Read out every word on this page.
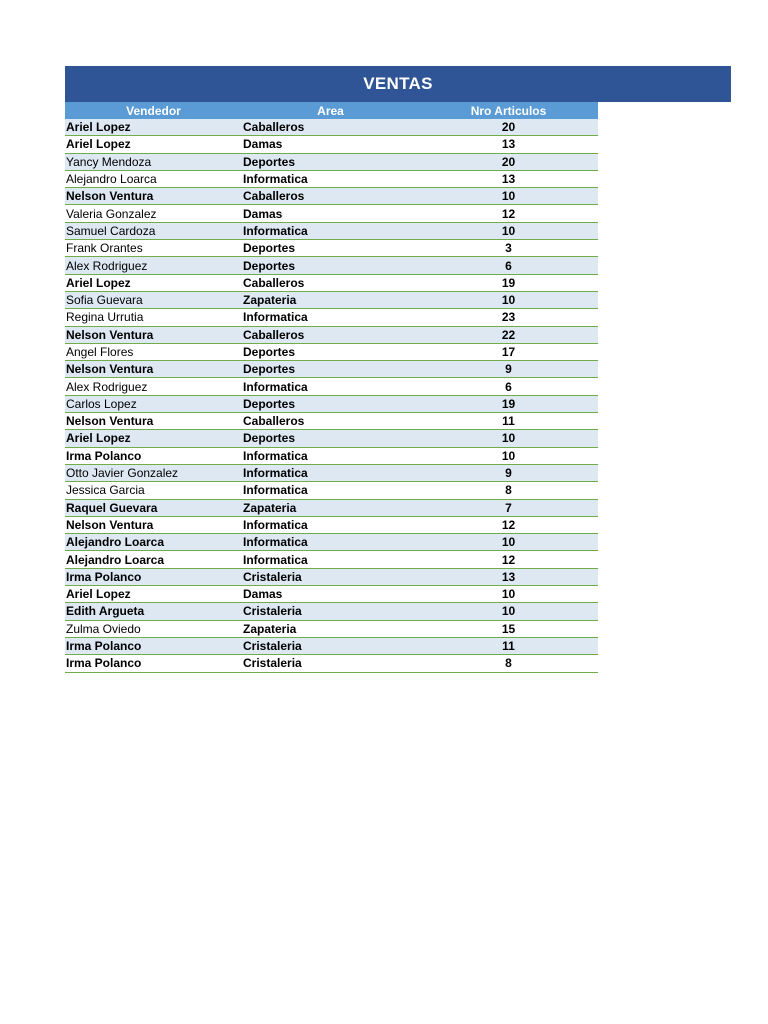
VENTAS
Vendedor	Area	Nro Articulos
Ariel Lopez	Caballeros	20
Ariel Lopez	Damas	13
Yancy Mendoza	Deportes	20
Alejandro Loarca	Informatica	13
Nelson Ventura	Caballeros	10
Valeria Gonzalez	Damas	12
Samuel Cardoza	Informatica	10
Frank Orantes	Deportes	3
Alex Rodriguez	Deportes	6
Ariel Lopez	Caballeros	19
Sofia Guevara	Zapateria	10
Regina Urrutia	Informatica	23
Nelson Ventura	Caballeros	22
Angel Flores	Deportes	17
Nelson Ventura	Deportes	9
Alex Rodriguez	Informatica	6
Carlos Lopez	Deportes	19
Nelson Ventura	Caballeros	11
Ariel Lopez	Deportes	10
Irma Polanco	Informatica	10
Otto Javier Gonzalez	Informatica	9
Jessica Garcia	Informatica	8
Raquel Guevara	Zapateria	7
Nelson Ventura	Informatica	12
Alejandro Loarca	Informatica	10
Alejandro Loarca	Informatica	12
Irma Polanco	Cristaleria	13
Ariel Lopez	Damas	10
Edith Argueta	Cristaleria	10
Zulma Oviedo	Zapateria	15
Irma Polanco	Cristaleria	11
Irma Polanco	Cristaleria	8
